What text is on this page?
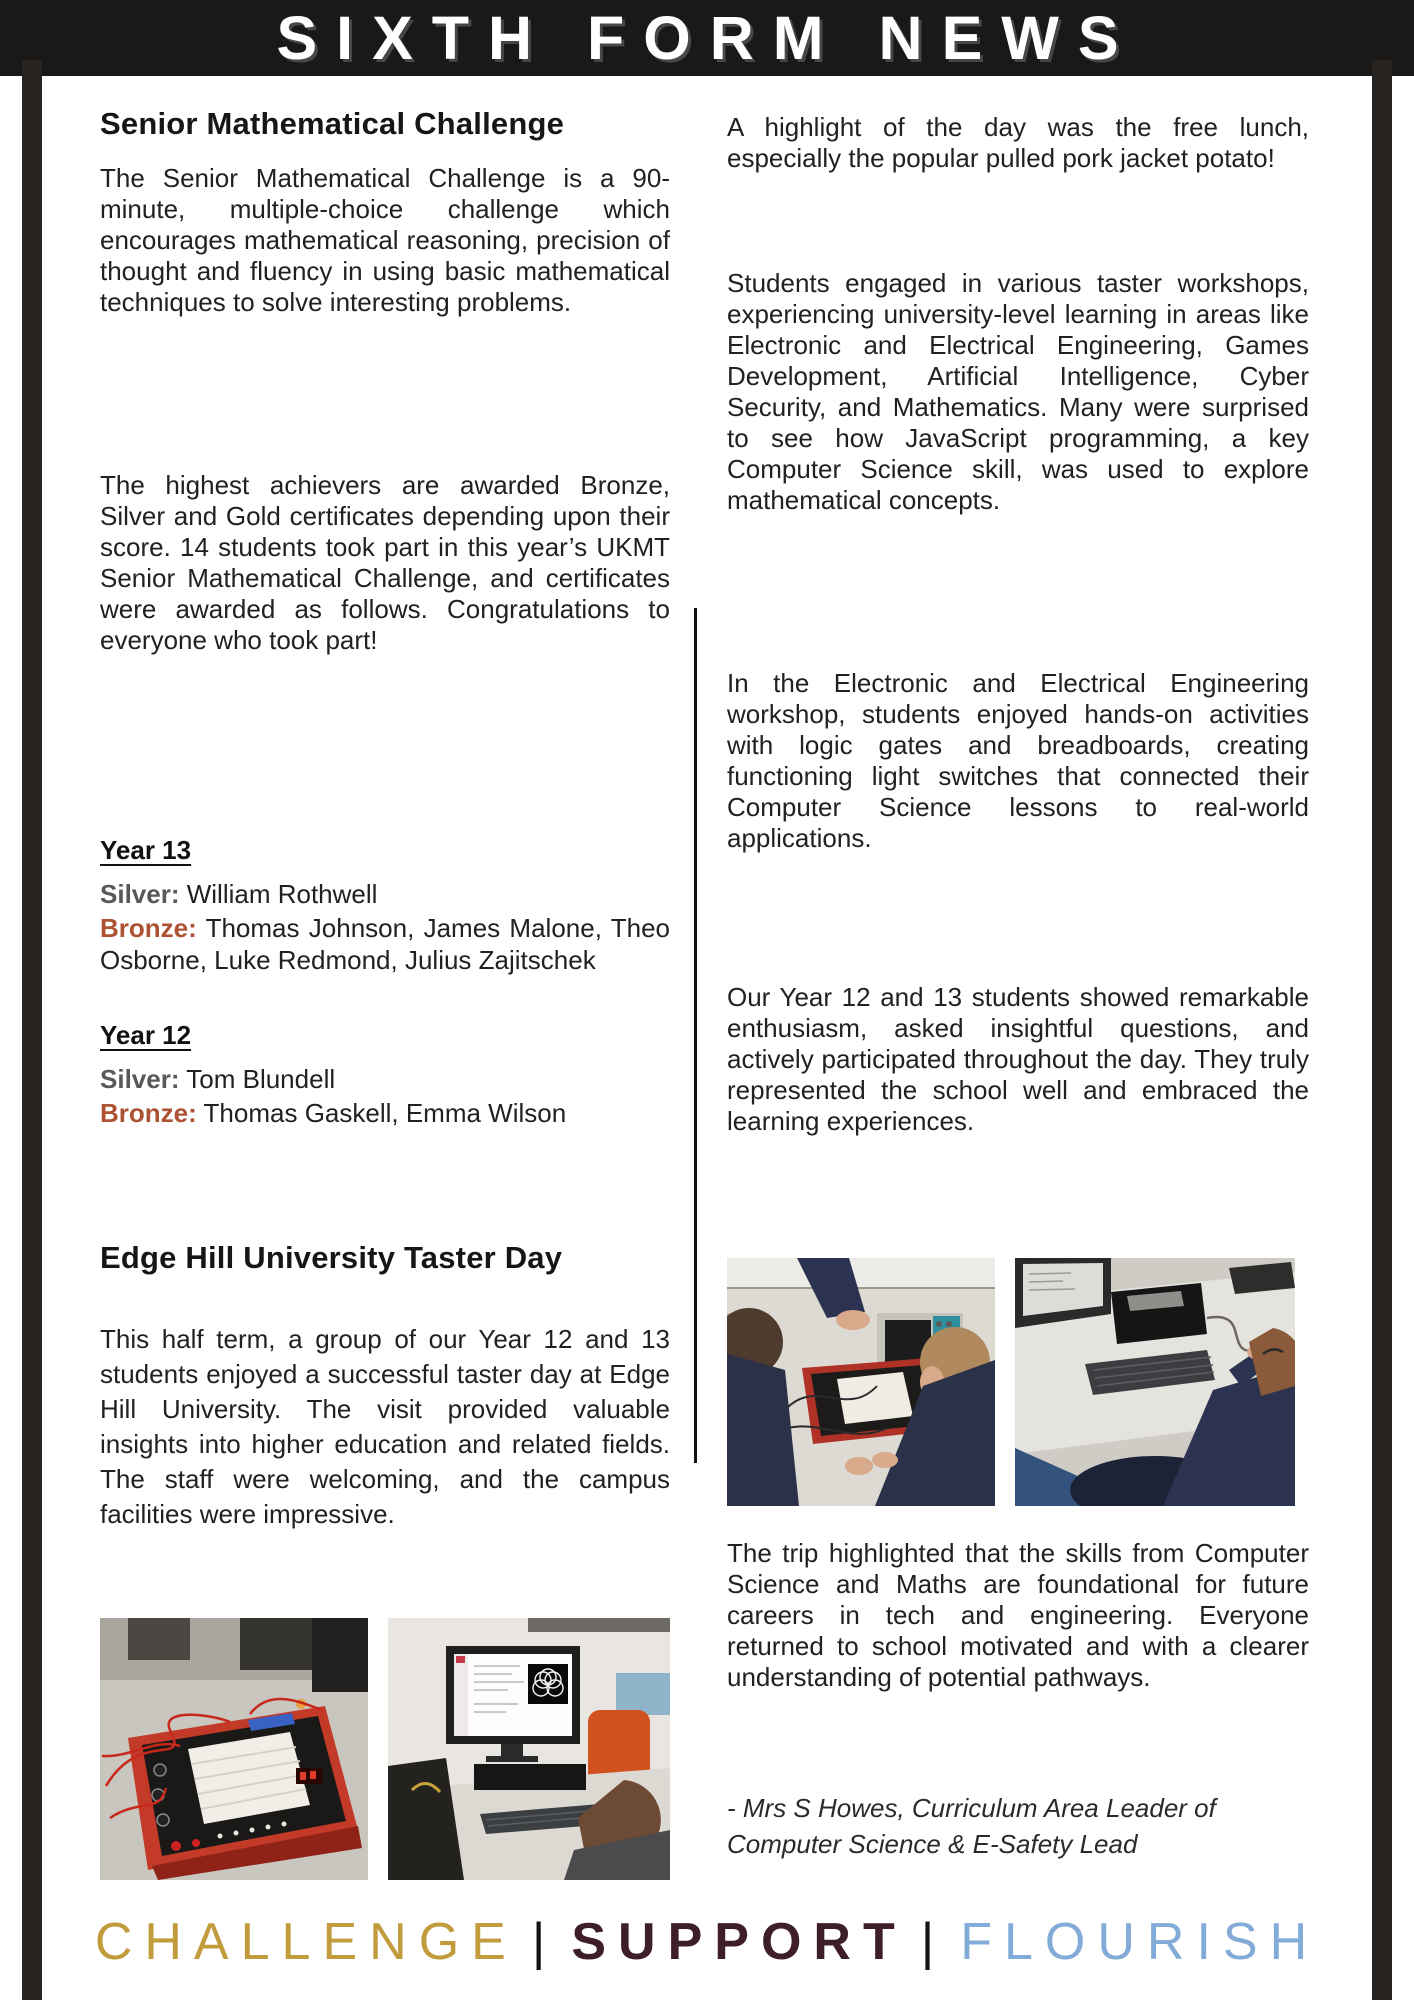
SIXTH FORM NEWS
Senior Mathematical Challenge

The Senior Mathematical Challenge is a 90-minute, multiple-choice challenge which encourages mathematical reasoning, precision of thought and fluency in using basic mathematical techniques to solve interesting problems.

The highest achievers are awarded Bronze, Silver and Gold certificates depending upon their score. 14 students took part in this year’s UKMT Senior Mathematical Challenge, and certificates were awarded as follows. Congratulations to everyone who took part!

Year 13

Silver: William Rothwell

Bronze: Thomas Johnson, James Malone, Theo Osborne, Luke Redmond, Julius Zajitschek

Year 12

Silver: Tom Blundell

Bronze: Thomas Gaskell, Emma Wilson

Edge Hill University Taster Day

This half term, a group of our Year 12 and 13 students enjoyed a successful taster day at Edge Hill University. The visit provided valuable insights into higher education and related fields. The staff were welcoming, and the campus facilities were impressive.

A highlight of the day was the free lunch, especially the popular pulled pork jacket potato!

Students engaged in various taster workshops, experiencing university-level learning in areas like Electronic and Electrical Engineering, Games Development, Artificial Intelligence, Cyber Security, and Mathematics. Many were surprised to see how JavaScript programming, a key Computer Science skill, was used to explore mathematical concepts.

In the Electronic and Electrical Engineering workshop, students enjoyed hands-on activities with logic gates and breadboards, creating functioning light switches that connected their Computer Science lessons to real-world applications.

Our Year 12 and 13 students showed remarkable enthusiasm, asked insightful questions, and actively participated throughout the day. They truly represented the school well and embraced the learning experiences.

The trip highlighted that the skills from Computer Science and Maths are foundational for future careers in tech and engineering. Everyone returned to school motivated and with a clearer understanding of potential pathways.

- Mrs S Howes, Curriculum Area Leader of Computer Science & E-Safety Lead

CHALLENGE | SUPPORT | FLOURISH
